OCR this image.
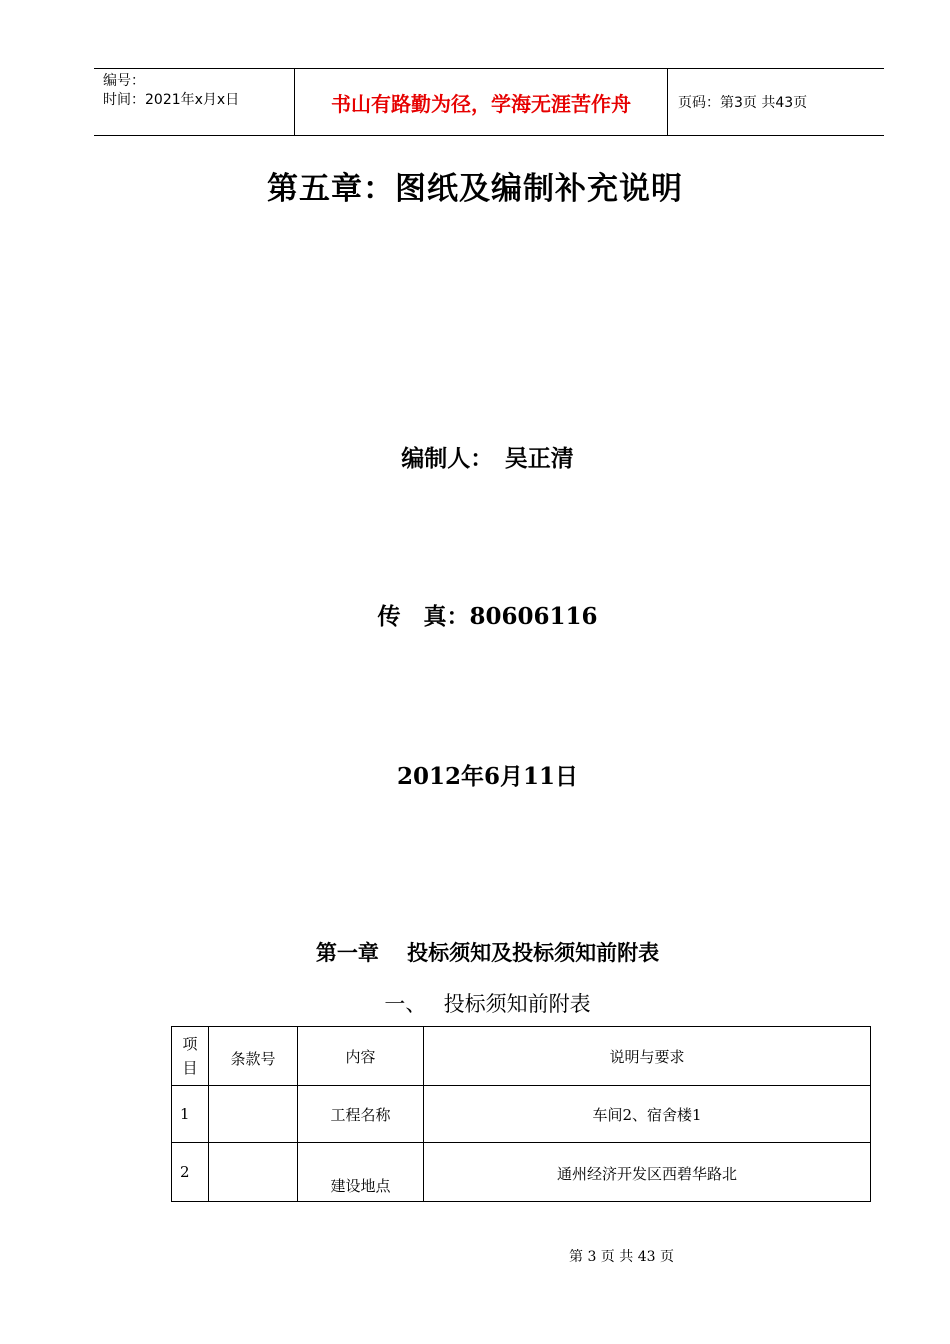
编号：
时间：2021年x月x日	书山有路勤为径，学海无涯苦作舟	页码：第3页 共43页
第五章：图纸及编制补充说明
编制人：　吴正清
传　真：80606116
2012年6月11日
第一章　 投标须知及投标须知前附表
一、　 投标须知前附表
项目	条款号	内容	说明与要求
1		工程名称	车间2、宿舍楼1
2		建设地点	通州经济开发区西碧华路北
第 3 页 共 43 页
